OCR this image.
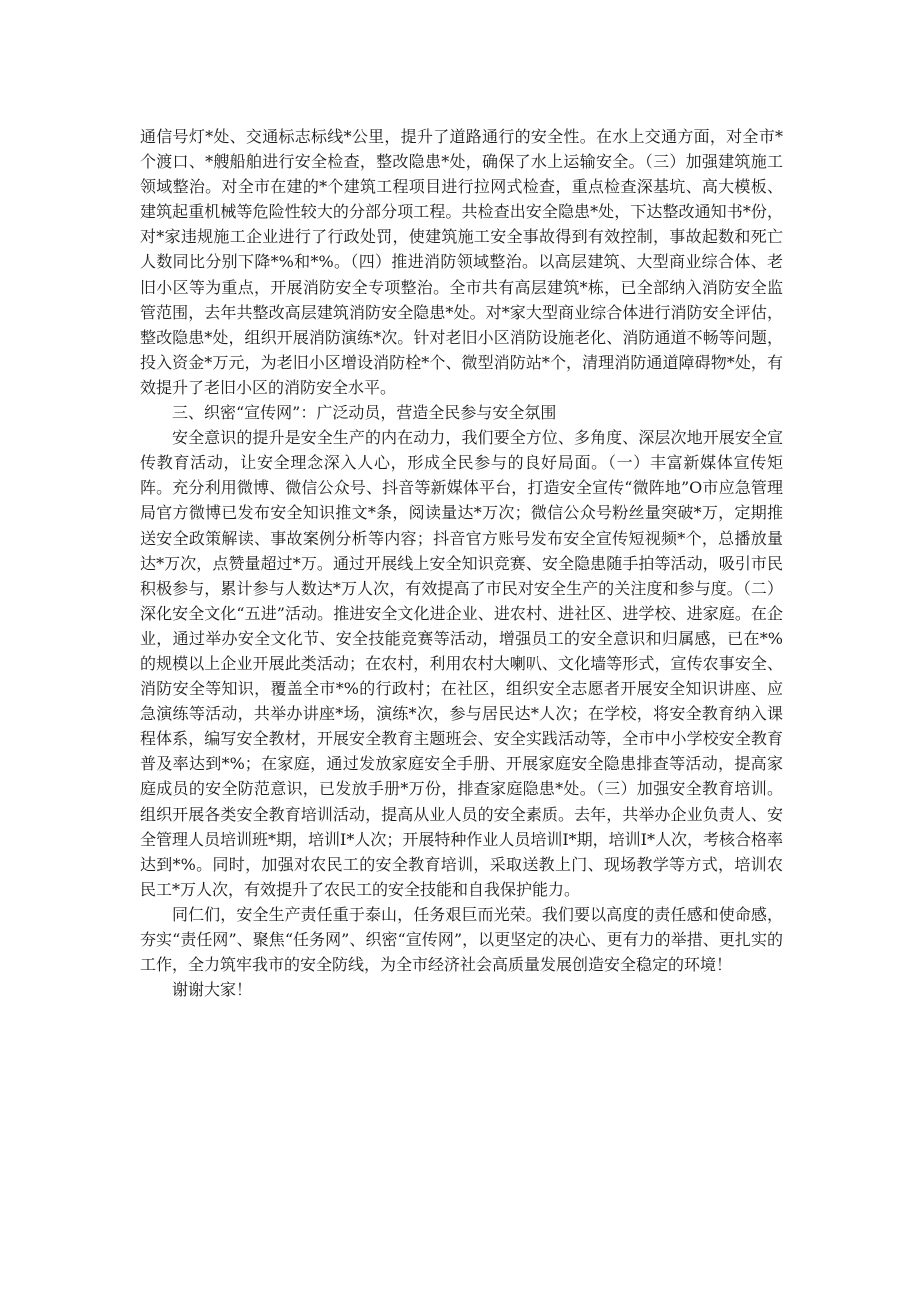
通信号灯*处、交通标志标线*公里，提升了道路通行的安全性。在水上交通方面，对全市*个渡口、*艘船舶进行安全检查，整改隐患*处，确保了水上运输安全。（三）加强建筑施工领域整治。对全市在建的*个建筑工程项目进行拉网式检查，重点检查深基坑、高大模板、建筑起重机械等危险性较大的分部分项工程。共检查出安全隐患*处，下达整改通知书*份，对*家违规施工企业进行了行政处罚，使建筑施工安全事故得到有效控制，事故起数和死亡人数同比分别下降*%和*%。（四）推进消防领域整治。以高层建筑、大型商业综合体、老旧小区等为重点，开展消防安全专项整治。全市共有高层建筑*栋，已全部纳入消防安全监管范围，去年共整改高层建筑消防安全隐患*处。对*家大型商业综合体进行消防安全评估，整改隐患*处，组织开展消防演练*次。针对老旧小区消防设施老化、消防通道不畅等问题，投入资金*万元，为老旧小区增设消防栓*个、微型消防站*个，清理消防通道障碍物*处，有效提升了老旧小区的消防安全水平。

三、织密“宣传网”：广泛动员，营造全民参与安全氛围

安全意识的提升是安全生产的内在动力，我们要全方位、多角度、深层次地开展安全宣传教育活动，让安全理念深入人心，形成全民参与的良好局面。（一）丰富新媒体宣传矩阵。充分利用微博、微信公众号、抖音等新媒体平台，打造安全宣传“微阵地”O市应急管理局官方微博已发布安全知识推文*条，阅读量达*万次；微信公众号粉丝量突破*万，定期推送安全政策解读、事故案例分析等内容；抖音官方账号发布安全宣传短视频*个，总播放量达*万次，点赞量超过*万。通过开展线上安全知识竞赛、安全隐患随手拍等活动，吸引市民积极参与，累计参与人数达*万人次，有效提高了市民对安全生产的关注度和参与度。（二）深化安全文化“五进”活动。推进安全文化进企业、进农村、进社区、进学校、进家庭。在企业，通过举办安全文化节、安全技能竞赛等活动，增强员工的安全意识和归属感，已在*%的规模以上企业开展此类活动；在农村，利用农村大喇叭、文化墙等形式，宣传农事安全、消防安全等知识，覆盖全市*%的行政村；在社区，组织安全志愿者开展安全知识讲座、应急演练等活动，共举办讲座*场，演练*次，参与居民达*人次；在学校，将安全教育纳入课程体系，编写安全教材，开展安全教育主题班会、安全实践活动等，全市中小学校安全教育普及率达到*%；在家庭，通过发放家庭安全手册、开展家庭安全隐患排查等活动，提高家庭成员的安全防范意识，已发放手册*万份，排查家庭隐患*处。（三）加强安全教育培训。组织开展各类安全教育培训活动，提高从业人员的安全素质。去年，共举办企业负责人、安全管理人员培训班*期，培训I*人次；开展特种作业人员培训I*期，培训I*人次，考核合格率达到*%。同时，加强对农民工的安全教育培训，采取送教上门、现场教学等方式，培训农民工*万人次，有效提升了农民工的安全技能和自我保护能力。

同仁们，安全生产责任重于泰山，任务艰巨而光荣。我们要以高度的责任感和使命感，夯实“责任网”、聚焦“任务网”、织密“宣传网”，以更坚定的决心、更有力的举措、更扎实的工作，全力筑牢我市的安全防线，为全市经济社会高质量发展创造安全稳定的环境！

谢谢大家！
